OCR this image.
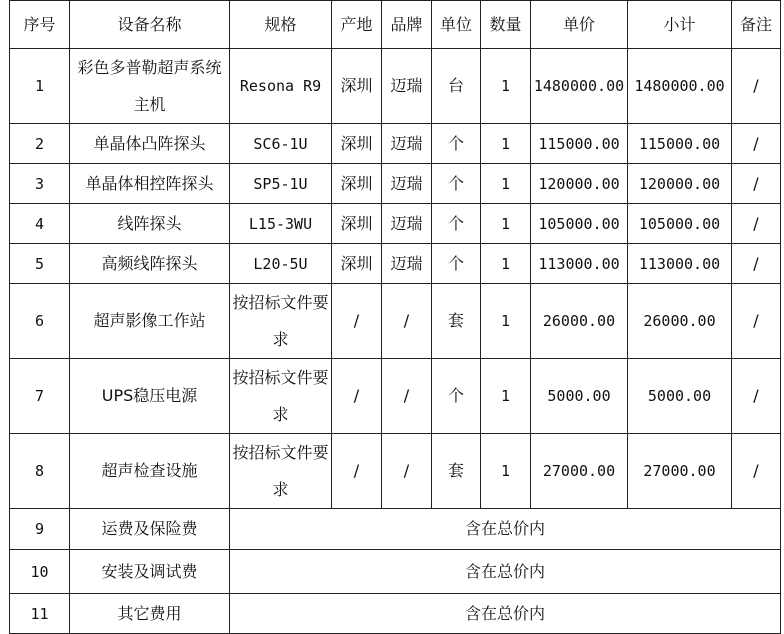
序号	设备名称	规格	产地	品牌	单位	数量	单价	小计	备注
1	彩色多普勒超声系统主机	Resona R9	深圳	迈瑞	台	1	1480000.00	1480000.00	/
2	单晶体凸阵探头	SC6-1U	深圳	迈瑞	个	1	115000.00	115000.00	/
3	单晶体相控阵探头	SP5-1U	深圳	迈瑞	个	1	120000.00	120000.00	/
4	线阵探头	L15-3WU	深圳	迈瑞	个	1	105000.00	105000.00	/
5	高频线阵探头	L20-5U	深圳	迈瑞	个	1	113000.00	113000.00	/
6	超声影像工作站	按招标文件要求	/	/	套	1	26000.00	26000.00	/
7	UPS稳压电源	按招标文件要求	/	/	个	1	5000.00	5000.00	/
8	超声检查设施	按招标文件要求	/	/	套	1	27000.00	27000.00	/
9	运费及保险费	含在总价内							
10	安装及调试费	含在总价内							
11	其它费用	含在总价内							
